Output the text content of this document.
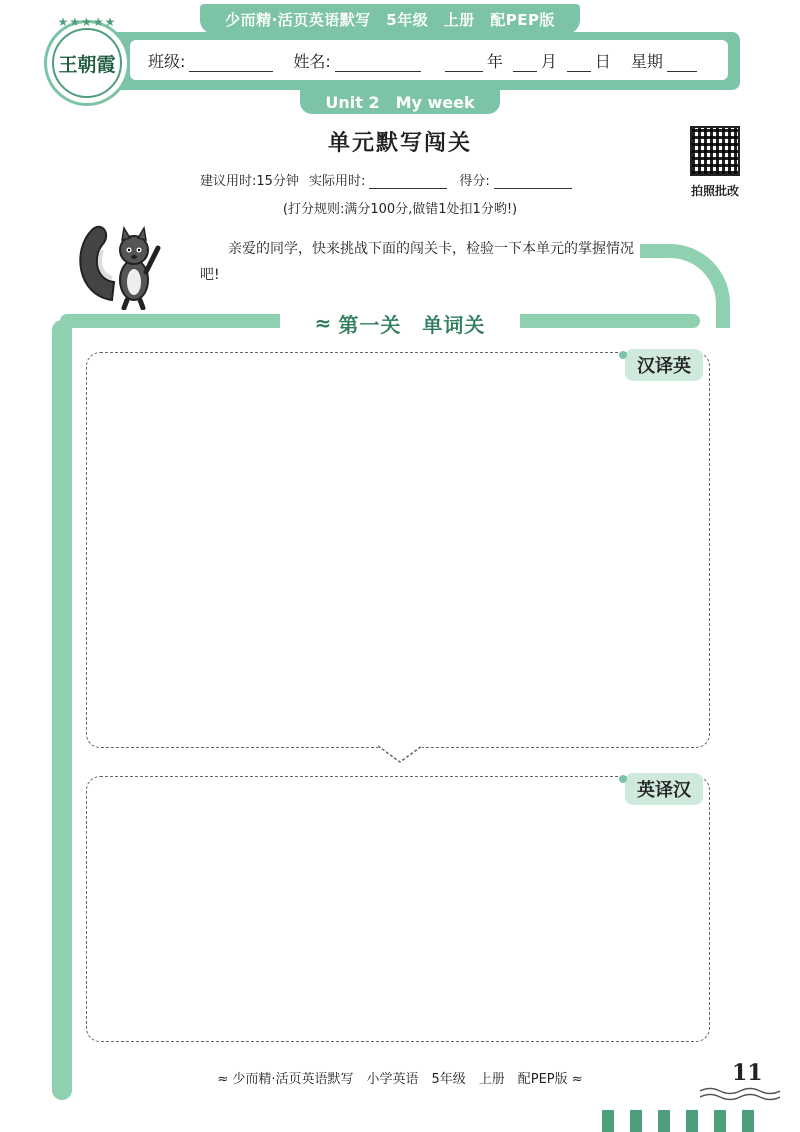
少而精·活页英语默写　5年级　上册　配PEP版
班级:	姓名:	年 月 日 星期
★★★★★
王朝霞
Unit 2　My week
单元默写闯关
建议用时:15分钟 实际用时:	得分:
(打分规则:满分100分,做错1处扣1分哟!)
拍照批改
亲爱的同学，快来挑战下面的闯关卡，检验一下本单元的掌握情况吧!
≈ 第一关　单词关
汉译英
英译汉
≈ 少而精·活页英语默写　小学英语　5年级　上册　配PEP版 ≈	11
